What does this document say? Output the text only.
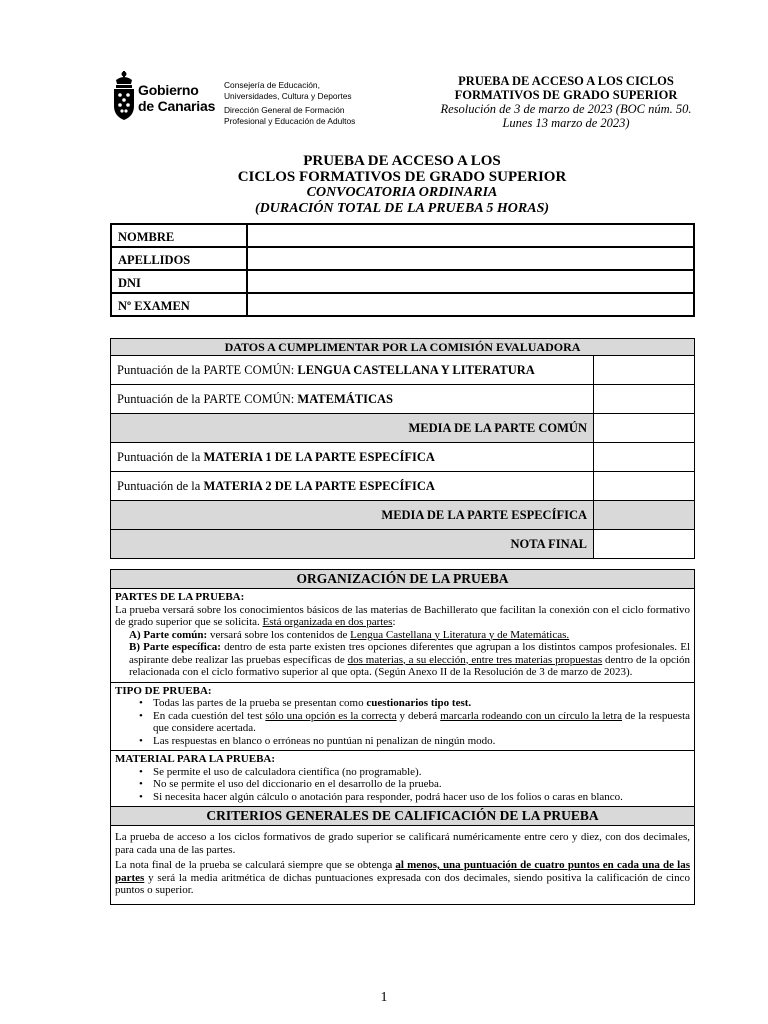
Gobierno
de Canarias
Consejería de Educación,
Universidades, Cultura y Deportes
Dirección General de Formación
Profesional y Educación de Adultos
PRUEBA DE ACCESO A LOS CICLOS
FORMATIVOS DE GRADO SUPERIOR
Resolución de 3 de marzo de 2023 (BOC núm. 50.
Lunes 13 marzo de 2023)
PRUEBA DE ACCESO A LOS
CICLOS FORMATIVOS DE GRADO SUPERIOR
CONVOCATORIA ORDINARIA
(DURACIÓN TOTAL DE LA PRUEBA 5 HORAS)
NOMBRE	
APELLIDOS	
DNI	
Nº EXAMEN	
DATOS A CUMPLIMENTAR POR LA COMISIÓN EVALUADORA	
Puntuación de la PARTE COMÚN: LENGUA CASTELLANA Y LITERATURA	
Puntuación de la PARTE COMÚN: MATEMÁTICAS	
MEDIA DE LA PARTE COMÚN	
Puntuación de la MATERIA 1 DE LA PARTE ESPECÍFICA	
Puntuación de la MATERIA 2 DE LA PARTE ESPECÍFICA	
MEDIA DE LA PARTE ESPECÍFICA	
NOTA FINAL	
ORGANIZACIÓN DE LA PRUEBA
PARTES DE LA PRUEBA:
La prueba versará sobre los conocimientos básicos de las materias de Bachillerato que facilitan la conexión con el ciclo formativo de grado superior que se solicita. Está organizada en dos partes:
A) Parte común: versará sobre los contenidos de Lengua Castellana y Literatura y de Matemáticas.
B) Parte específica: dentro de esta parte existen tres opciones diferentes que agrupan a los distintos campos profesionales. El aspirante debe realizar las pruebas específicas de dos materias, a su elección, entre tres materias propuestas dentro de la opción relacionada con el ciclo formativo superior al que opta. (Según Anexo II de la Resolución de 3 de marzo de 2023).
TIPO DE PRUEBA:
• Todas las partes de la prueba se presentan como cuestionarios tipo test.
• En cada cuestión del test sólo una opción es la correcta y deberá marcarla rodeando con un círculo la letra de la respuesta que considere acertada.
• Las respuestas en blanco o erróneas no puntúan ni penalizan de ningún modo.
MATERIAL PARA LA PRUEBA:
• Se permite el uso de calculadora científica (no programable).
• No se permite el uso del diccionario en el desarrollo de la prueba.
• Si necesita hacer algún cálculo o anotación para responder, podrá hacer uso de los folios o caras en blanco.
CRITERIOS GENERALES DE CALIFICACIÓN DE LA PRUEBA

La prueba de acceso a los ciclos formativos de grado superior se calificará numéricamente entre cero y diez, con dos decimales, para cada una de las partes.

La nota final de la prueba se calculará siempre que se obtenga al menos, una puntuación de cuatro puntos en cada una de las partes y será la media aritmética de dichas puntuaciones expresada con dos decimales, siendo positiva la calificación de cinco puntos o superior.

1
